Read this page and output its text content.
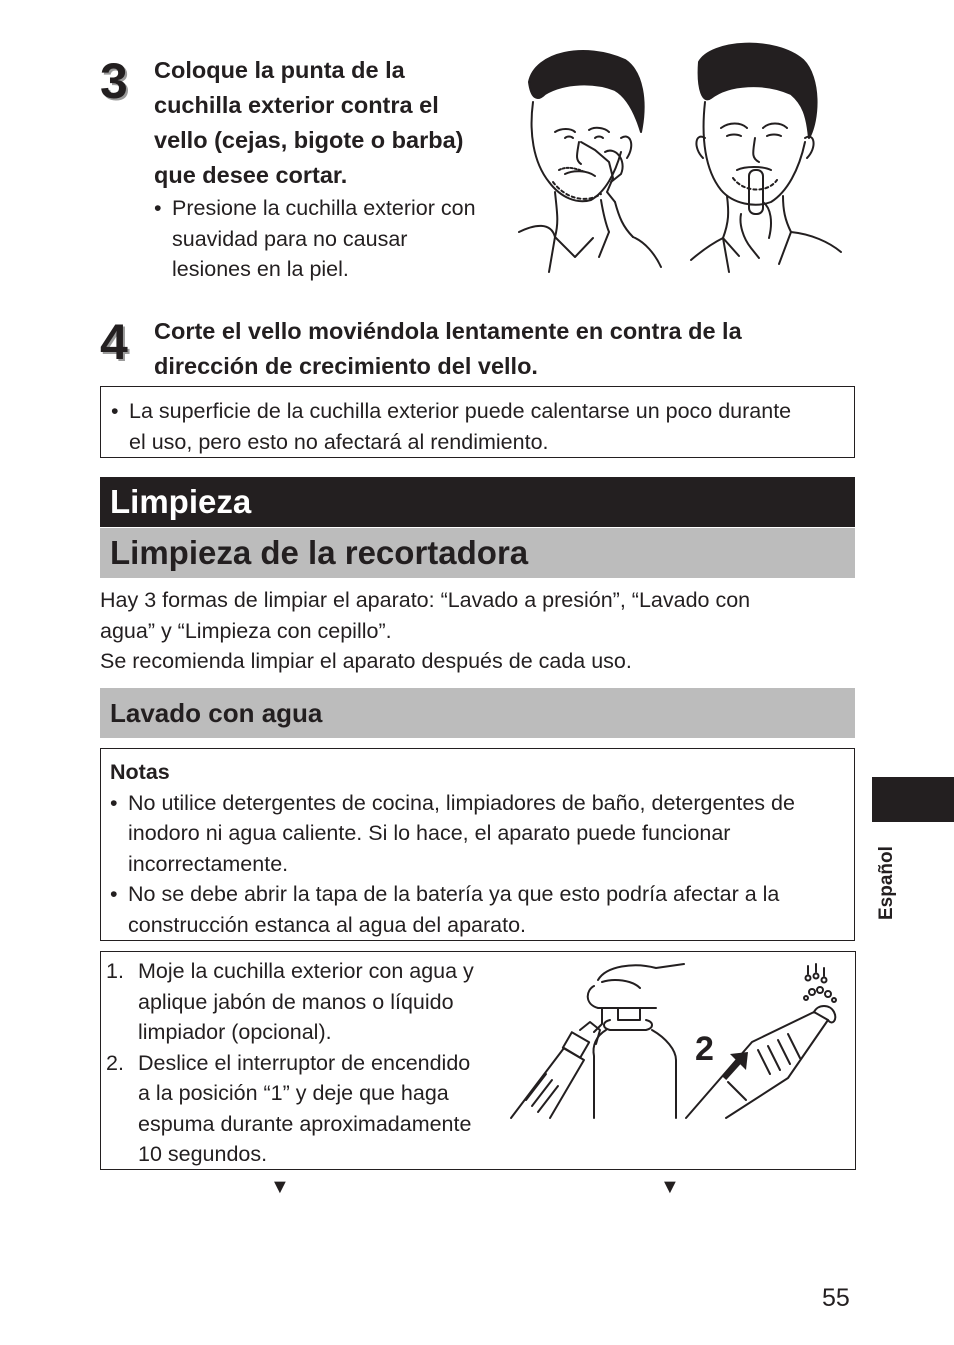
3 Coloque la punta de la

cuchilla exterior contra el

vello (cejas, bigote o barba)

que desee cortar.

• Presione la cuchilla exterior con
suavidad para no causar
lesiones en la piel.
4 Corte el vello moviéndola lentamente en contra de la

dirección de crecimiento del vello.

• La superficie de la cuchilla exterior puede calentarse un poco durante
el uso, pero esto no afectará al rendimiento.
Limpieza
Limpieza de la recortadora

Hay 3 formas de limpiar el aparato: “Lavado a presión”, “Lavado con

agua” y “Limpieza con cepillo”.

Se recomienda limpiar el aparato después de cada uso.

Lavado con agua

Notas

• No utilice detergentes de cocina, limpiadores de baño, detergentes de
inodoro ni agua caliente. Si lo hace, el aparato puede funcionar
incorrectamente.
• No se debe abrir la tapa de la batería ya que esto podría afectar a la
construcción estanca al agua del aparato.
1. Moje la cuchilla exterior con agua y
aplique jabón de manos o líquido
limpiador (opcional).
2. Deslice el interruptor de encendido
a la posición “1” y deje que haga
espuma durante aproximadamente
10 segundos.
2
▼	▼
Español
55
